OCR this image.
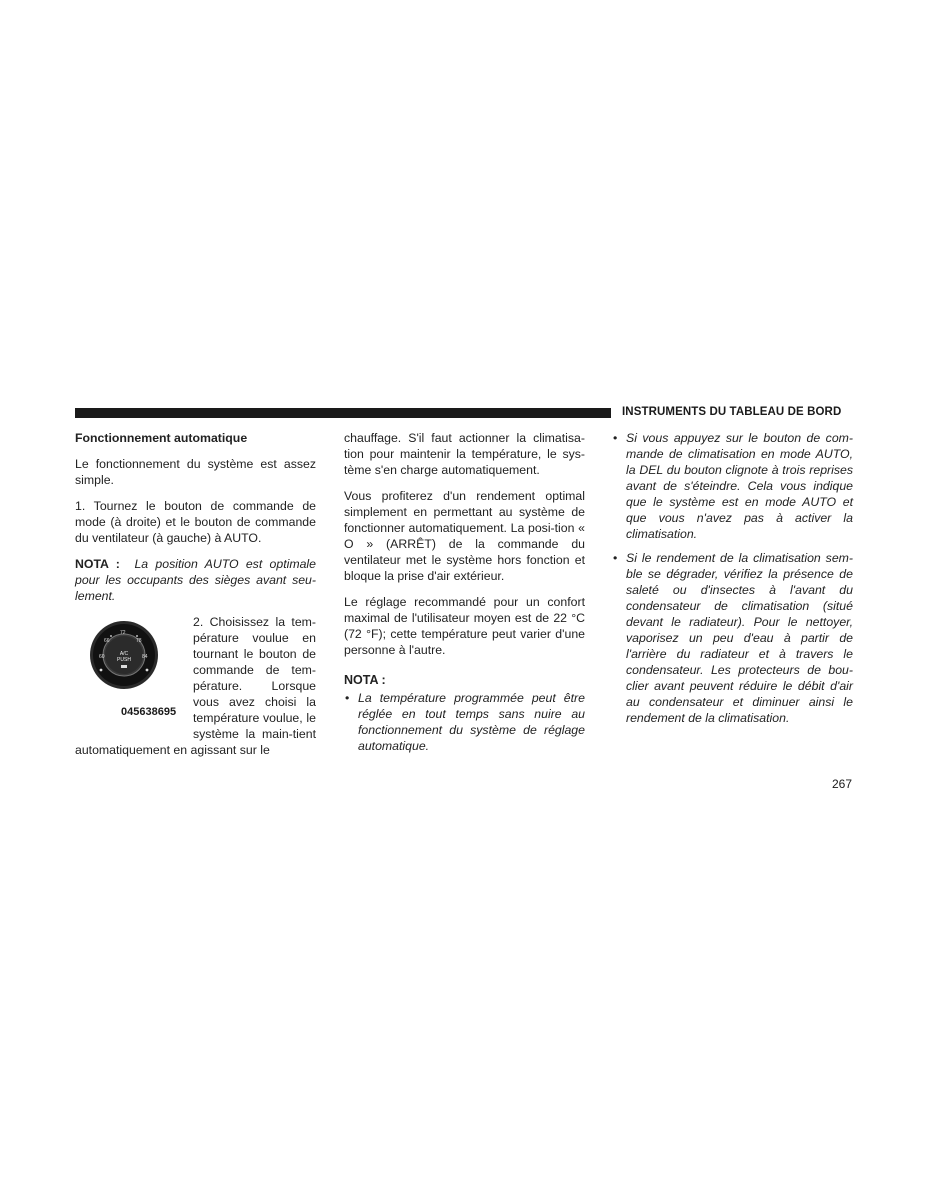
INSTRUMENTS DU TABLEAU DE BORD
Fonctionnement automatique

Le fonctionnement du système est assez simple.

1. Tournez le bouton de commande de mode (à droite) et le bouton de commande du ventilateur (à gauche) à AUTO.

NOTA : La position AUTO est optimale pour les occupants des sièges avant seu-lement.

60
66
72
78
84
A/C
PUSH
045638695

2. Choisissez la tem-pérature voulue en tournant le bouton de commande de tem-pérature. Lorsque vous avez choisi la température voulue, le système la main-tient automatiquement en agissant sur le

chauffage. S'il faut actionner la climatisa-tion pour maintenir la température, le sys-tème s'en charge automatiquement.

Vous profiterez d'un rendement optimal simplement en permettant au système de fonctionner automatiquement. La posi-tion « O » (ARRÊT) de la commande du ventilateur met le système hors fonction et bloque la prise d'air extérieur.

Le réglage recommandé pour un confort maximal de l'utilisateur moyen est de 22 °C (72 °F); cette température peut varier d'une personne à l'autre.

NOTA :
• La température programmée peut être réglée en tout temps sans nuire au fonctionnement du système de réglage automatique.
• Si vous appuyez sur le bouton de com-mande de climatisation en mode AUTO, la DEL du bouton clignote à trois reprises avant de s'éteindre. Cela vous indique que le système est en mode AUTO et que vous n'avez pas à activer la climatisation.
• Si le rendement de la climatisation sem-ble se dégrader, vérifiez la présence de saleté ou d'insectes à l'avant du condensateur de climatisation (situé devant le radiateur). Pour le nettoyer, vaporisez un peu d'eau à partir de l'arrière du radiateur et à travers le condensateur. Les protecteurs de bou-clier avant peuvent réduire le débit d'air au condensateur et diminuer ainsi le rendement de la climatisation.
267
